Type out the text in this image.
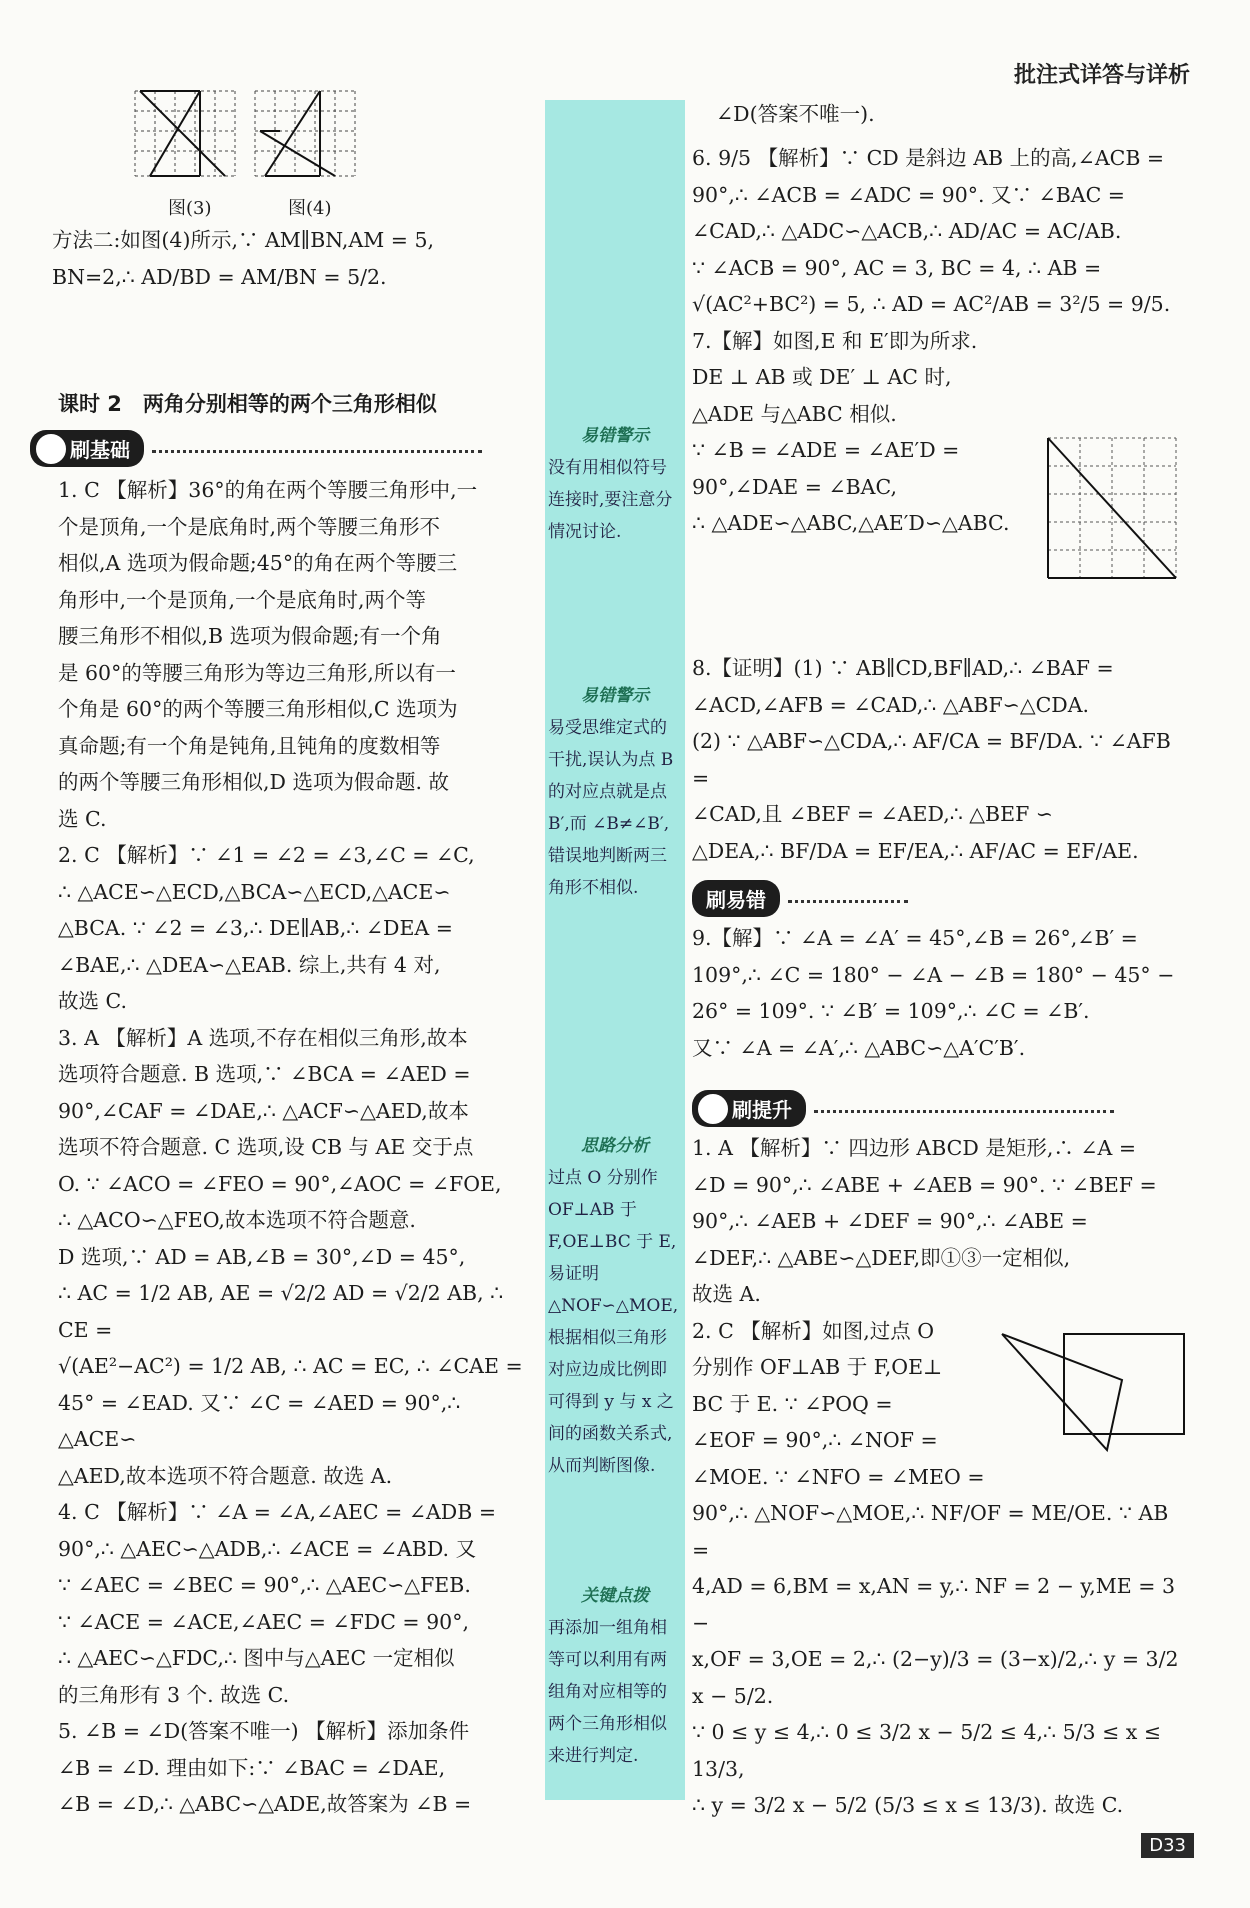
批注式详答与详析
图(3)	图(4)

方法二:如图(4)所示,∵ AM∥BN,AM = 5,

BN=2,∴ AD/BD = AM/BN = 5/2.

课时 2　两角分别相等的两个三角形相似
刷基础

1. C 【解析】36°的角在两个等腰三角形中,一

个是顶角,一个是底角时,两个等腰三角形不

相似,A 选项为假命题;45°的角在两个等腰三

角形中,一个是顶角,一个是底角时,两个等

腰三角形不相似,B 选项为假命题;有一个角

是 60°的等腰三角形为等边三角形,所以有一

个角是 60°的两个等腰三角形相似,C 选项为

真命题;有一个角是钝角,且钝角的度数相等

的两个等腰三角形相似,D 选项为假命题. 故

选 C.

2. C 【解析】∵ ∠1 = ∠2 = ∠3,∠C = ∠C,

∴ △ACE∽△ECD,△BCA∽△ECD,△ACE∽

△BCA. ∵ ∠2 = ∠3,∴ DE∥AB,∴ ∠DEA =

∠BAE,∴ △DEA∽△EAB. 综上,共有 4 对,

故选 C.

3. A 【解析】A 选项,不存在相似三角形,故本

选项符合题意. B 选项,∵ ∠BCA = ∠AED =

90°,∠CAF = ∠DAE,∴ △ACF∽△AED,故本

选项不符合题意. C 选项,设 CB 与 AE 交于点

O. ∵ ∠ACO = ∠FEO = 90°,∠AOC = ∠FOE,

∴ △ACO∽△FEO,故本选项不符合题意.

D 选项,∵ AD = AB,∠B = 30°,∠D = 45°,

∴ AC = 1/2 AB, AE = √2/2 AD = √2/2 AB, ∴ CE =

√(AE²−AC²) = 1/2 AB, ∴ AC = EC, ∴ ∠CAE =

45° = ∠EAD. 又∵ ∠C = ∠AED = 90°,∴ △ACE∽

△AED,故本选项不符合题意. 故选 A.

4. C 【解析】∵ ∠A = ∠A,∠AEC = ∠ADB =

90°,∴ △AEC∽△ADB,∴ ∠ACE = ∠ABD. 又

∵ ∠AEC = ∠BEC = 90°,∴ △AEC∽△FEB.

∵ ∠ACE = ∠ACE,∠AEC = ∠FDC = 90°,

∴ △AEC∽△FDC,∴ 图中与△AEC 一定相似

的三角形有 3 个. 故选 C.

5. ∠B = ∠D(答案不唯一) 【解析】添加条件

∠B = ∠D. 理由如下:∵ ∠BAC = ∠DAE,

∠B = ∠D,∴ △ABC∽△ADE,故答案为 ∠B =

易错警示
没有用相似符号连接时,要注意分情况讨论.
易错警示
易受思维定式的干扰,误认为点 B 的对应点就是点 B′,而 ∠B≠∠B′,错误地判断两三角形不相似.
思路分析
过点 O 分别作 OF⊥AB 于 F,OE⊥BC 于 E,易证明 △NOF∽△MOE,根据相似三角形对应边成比例即可得到 y 与 x 之间的函数关系式,从而判断图像.
关键点拨
再添加一组角相等可以利用有两组角对应相等的两个三角形相似来进行判定.
∠D(答案不唯一).

6. 9/5 【解析】∵ CD 是斜边 AB 上的高,∠ACB =

90°,∴ ∠ACB = ∠ADC = 90°. 又∵ ∠BAC =

∠CAD,∴ △ADC∽△ACB,∴ AD/AC = AC/AB.

∵ ∠ACB = 90°, AC = 3, BC = 4, ∴ AB =

√(AC²+BC²) = 5, ∴ AD = AC²/AB = 3²/5 = 9/5.

7.【解】如图,E 和 E′即为所求.

DE ⊥ AB 或 DE′ ⊥ AC 时,

△ADE 与△ABC 相似.

∵ ∠B = ∠ADE = ∠AE′D =

90°,∠DAE = ∠BAC,

∴ △ADE∽△ABC,△AE′D∽△ABC.

8.【证明】(1) ∵ AB∥CD,BF∥AD,∴ ∠BAF =

∠ACD,∠AFB = ∠CAD,∴ △ABF∽△CDA.

(2) ∵ △ABF∽△CDA,∴ AF/CA = BF/DA. ∵ ∠AFB =

∠CAD,且 ∠BEF = ∠AED,∴ △BEF ∽

△DEA,∴ BF/DA = EF/EA,∴ AF/AC = EF/AE.

刷易错

9.【解】∵ ∠A = ∠A′ = 45°,∠B = 26°,∠B′ =

109°,∴ ∠C = 180° − ∠A − ∠B = 180° − 45° −

26° = 109°. ∵ ∠B′ = 109°,∴ ∠C = ∠B′.

又∵ ∠A = ∠A′,∴ △ABC∽△A′C′B′.

刷提升

1. A 【解析】∵ 四边形 ABCD 是矩形,∴ ∠A =

∠D = 90°,∴ ∠ABE + ∠AEB = 90°. ∵ ∠BEF =

90°,∴ ∠AEB + ∠DEF = 90°,∴ ∠ABE =

∠DEF,∴ △ABE∽△DEF,即①③一定相似,

故选 A.

2. C 【解析】如图,过点 O

分别作 OF⊥AB 于 F,OE⊥

BC 于 E. ∵ ∠POQ =

∠EOF = 90°,∴ ∠NOF =

∠MOE. ∵ ∠NFO = ∠MEO =

90°,∴ △NOF∽△MOE,∴ NF/OF = ME/OE. ∵ AB =

4,AD = 6,BM = x,AN = y,∴ NF = 2 − y,ME = 3 −

x,OF = 3,OE = 2,∴ (2−y)/3 = (3−x)/2,∴ y = 3/2 x − 5/2.

∵ 0 ≤ y ≤ 4,∴ 0 ≤ 3/2 x − 5/2 ≤ 4,∴ 5/3 ≤ x ≤ 13/3,

∴ y = 3/2 x − 5/2 (5/3 ≤ x ≤ 13/3). 故选 C.

D33
